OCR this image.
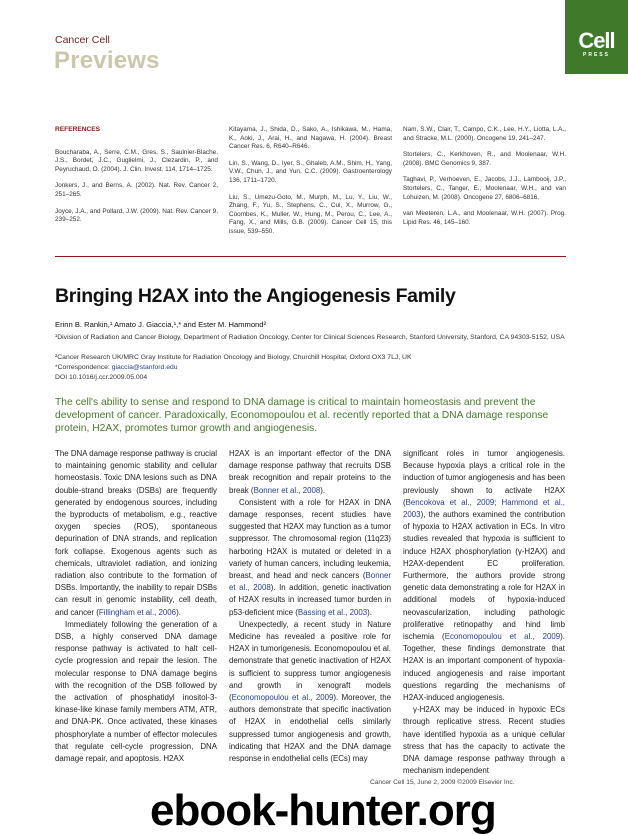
Cancer Cell
Previews
Cell
PRESS
REFERENCES
Boucharaba, A., Serre, C.M., Gres, S., Saulnier-Blache, J.S., Bordet, J.C., Guglielmi, J., Clezardin, P., and Peyruchaud, O. (2004). J. Clin. Invest. 114, 1714–1725.
Jonkers, J., and Berns, A. (2002). Nat. Rev. Cancer 2, 251–265.
Joyce, J.A., and Pollard, J.W. (2009). Nat. Rev. Cancer 9, 239–252.
Kitayama, J., Shida, D., Sako, A., Ishikawa, M., Hama, K., Aoki, J., Arai, H., and Nagawa, H. (2004). Breast Cancer Res. 6, R640–R646.
Lin, S., Wang, D., Iyer, S., Ghaleb, A.M., Shim, H., Yang, V.W., Chun, J., and Yun, C.C. (2009). Gastroenterology 136, 1711–1720.
Liu, S., Umezu-Goto, M., Murph, M., Lu, Y., Liu, W., Zhang, F., Yu, S., Stephens, C., Cui, X., Murrow, G., Coombes, K., Muller, W., Hung, M., Perou, C., Lee, A., Fang, X., and Mills, G.B. (2009). Cancer Cell 15, this issue, 539–550.
Nam, S.W., Clair, T., Campo, C.K., Lee, H.Y., Liotta, L.A., and Stracke, M.L. (2000). Oncogene 19, 241–247.
Stortelers, C., Kerkhoven, R., and Moolenaar, W.H. (2008). BMC Genomics 9, 387.
Taghavi, P., Verhoeven, E., Jacobs, J.J., Lambooij, J.P., Stortelers, C., Tanger, E., Moolenaar, W.H., and van Lohuizen, M. (2008). Oncogene 27, 6806–6816.
van Meeteren, L.A., and Moolenaar, W.H. (2007). Prog. Lipid Res. 46, 145–160.
Bringing H2AX into the Angiogenesis Family
Erinn B. Rankin,¹ Amato J. Giaccia,¹,* and Ester M. Hammond²
¹Division of Radiation and Cancer Biology, Department of Radiation Oncology, Center for Clinical Sciences Research, Stanford University, Stanford, CA 94303-5152, USA
²Cancer Research UK/MRC Gray Institute for Radiation Oncology and Biology, Churchill Hospital, Oxford OX3 7LJ, UK
*Correspondence: giaccia@stanford.edu
DOI 10.1016/j.ccr.2009.05.004
The cell's ability to sense and respond to DNA damage is critical to maintain homeostasis and prevent the development of cancer. Paradoxically, Economopoulou et al. recently reported that a DNA damage response protein, H2AX, promotes tumor growth and angiogenesis.

The DNA damage response pathway is crucial to maintaining genomic stability and cellular homeostasis. Toxic DNA lesions such as DNA double-strand breaks (DSBs) are frequently generated by endogenous sources, including the byproducts of metabolism, e.g., reactive oxygen species (ROS), spontaneous depurination of DNA strands, and replication fork collapse. Exogenous agents such as chemicals, ultraviolet radiation, and ionizing radiation also contribute to the formation of DSBs. Importantly, the inability to repair DSBs can result in genomic instability, cell death, and cancer (Fillingham et al., 2006).

Immediately following the generation of a DSB, a highly conserved DNA damage response pathway is activated to halt cell-cycle progression and repair the lesion. The molecular response to DNA damage begins with the recognition of the DSB followed by the activation of phosphatidyl inositol-3-kinase-like kinase family members ATM, ATR, and DNA-PK. Once activated, these kinases phosphorylate a number of effector molecules that regulate cell-cycle progression, DNA damage repair, and apoptosis. H2AX

H2AX is an important effector of the DNA damage response pathway that recruits DSB break recognition and repair proteins to the break (Bonner et al., 2008).

Consistent with a role for H2AX in DNA damage responses, recent studies have suggested that H2AX may function as a tumor suppressor. The chromosomal region (11q23) harboring H2AX is mutated or deleted in a variety of human cancers, including leukemia, breast, and head and neck cancers (Bonner et al., 2008). In addition, genetic inactivation of H2AX results in increased tumor burden in p53-deficient mice (Bassing et al., 2003).

Unexpectedly, a recent study in Nature Medicine has revealed a positive role for H2AX in tumorigenesis. Economopoulou et al. demonstrate that genetic inactivation of H2AX is sufficient to suppress tumor angiogenesis and growth in xenograft models (Economopoulou et al., 2009). Moreover, the authors demonstrate that specific inactivation of H2AX in endothelial cells similarly suppressed tumor angiogenesis and growth, indicating that H2AX and the DNA damage response in endothelial cells (ECs) may

significant roles in tumor angiogenesis. Because hypoxia plays a critical role in the induction of tumor angiogenesis and has been previously shown to activate H2AX (Bencokova et al., 2009; Hammond et al., 2003), the authors examined the contribution of hypoxia to H2AX activation in ECs. In vitro studies revealed that hypoxia is sufficient to induce H2AX phosphorylation (γ-H2AX) and H2AX-dependent EC proliferation. Furthermore, the authors provide strong genetic data demonstrating a role for H2AX in additional models of hypoxia-induced neovascularization, including pathologic proliferative retinopathy and hind limb ischemia (Economopoulou et al., 2009). Together, these findings demonstrate that H2AX is an important component of hypoxia-induced angiogenesis and raise important questions regarding the mechanisms of H2AX-induced angiogenesis.

γ-H2AX may be induced in hypoxic ECs through replicative stress. Recent studies have identified hypoxia as a unique cellular stress that has the capacity to activate the DNA damage response pathway through a mechanism independent

Cancer Cell 15, June 2, 2009 ©2009 Elsevier Inc.
ebook-hunter.org
